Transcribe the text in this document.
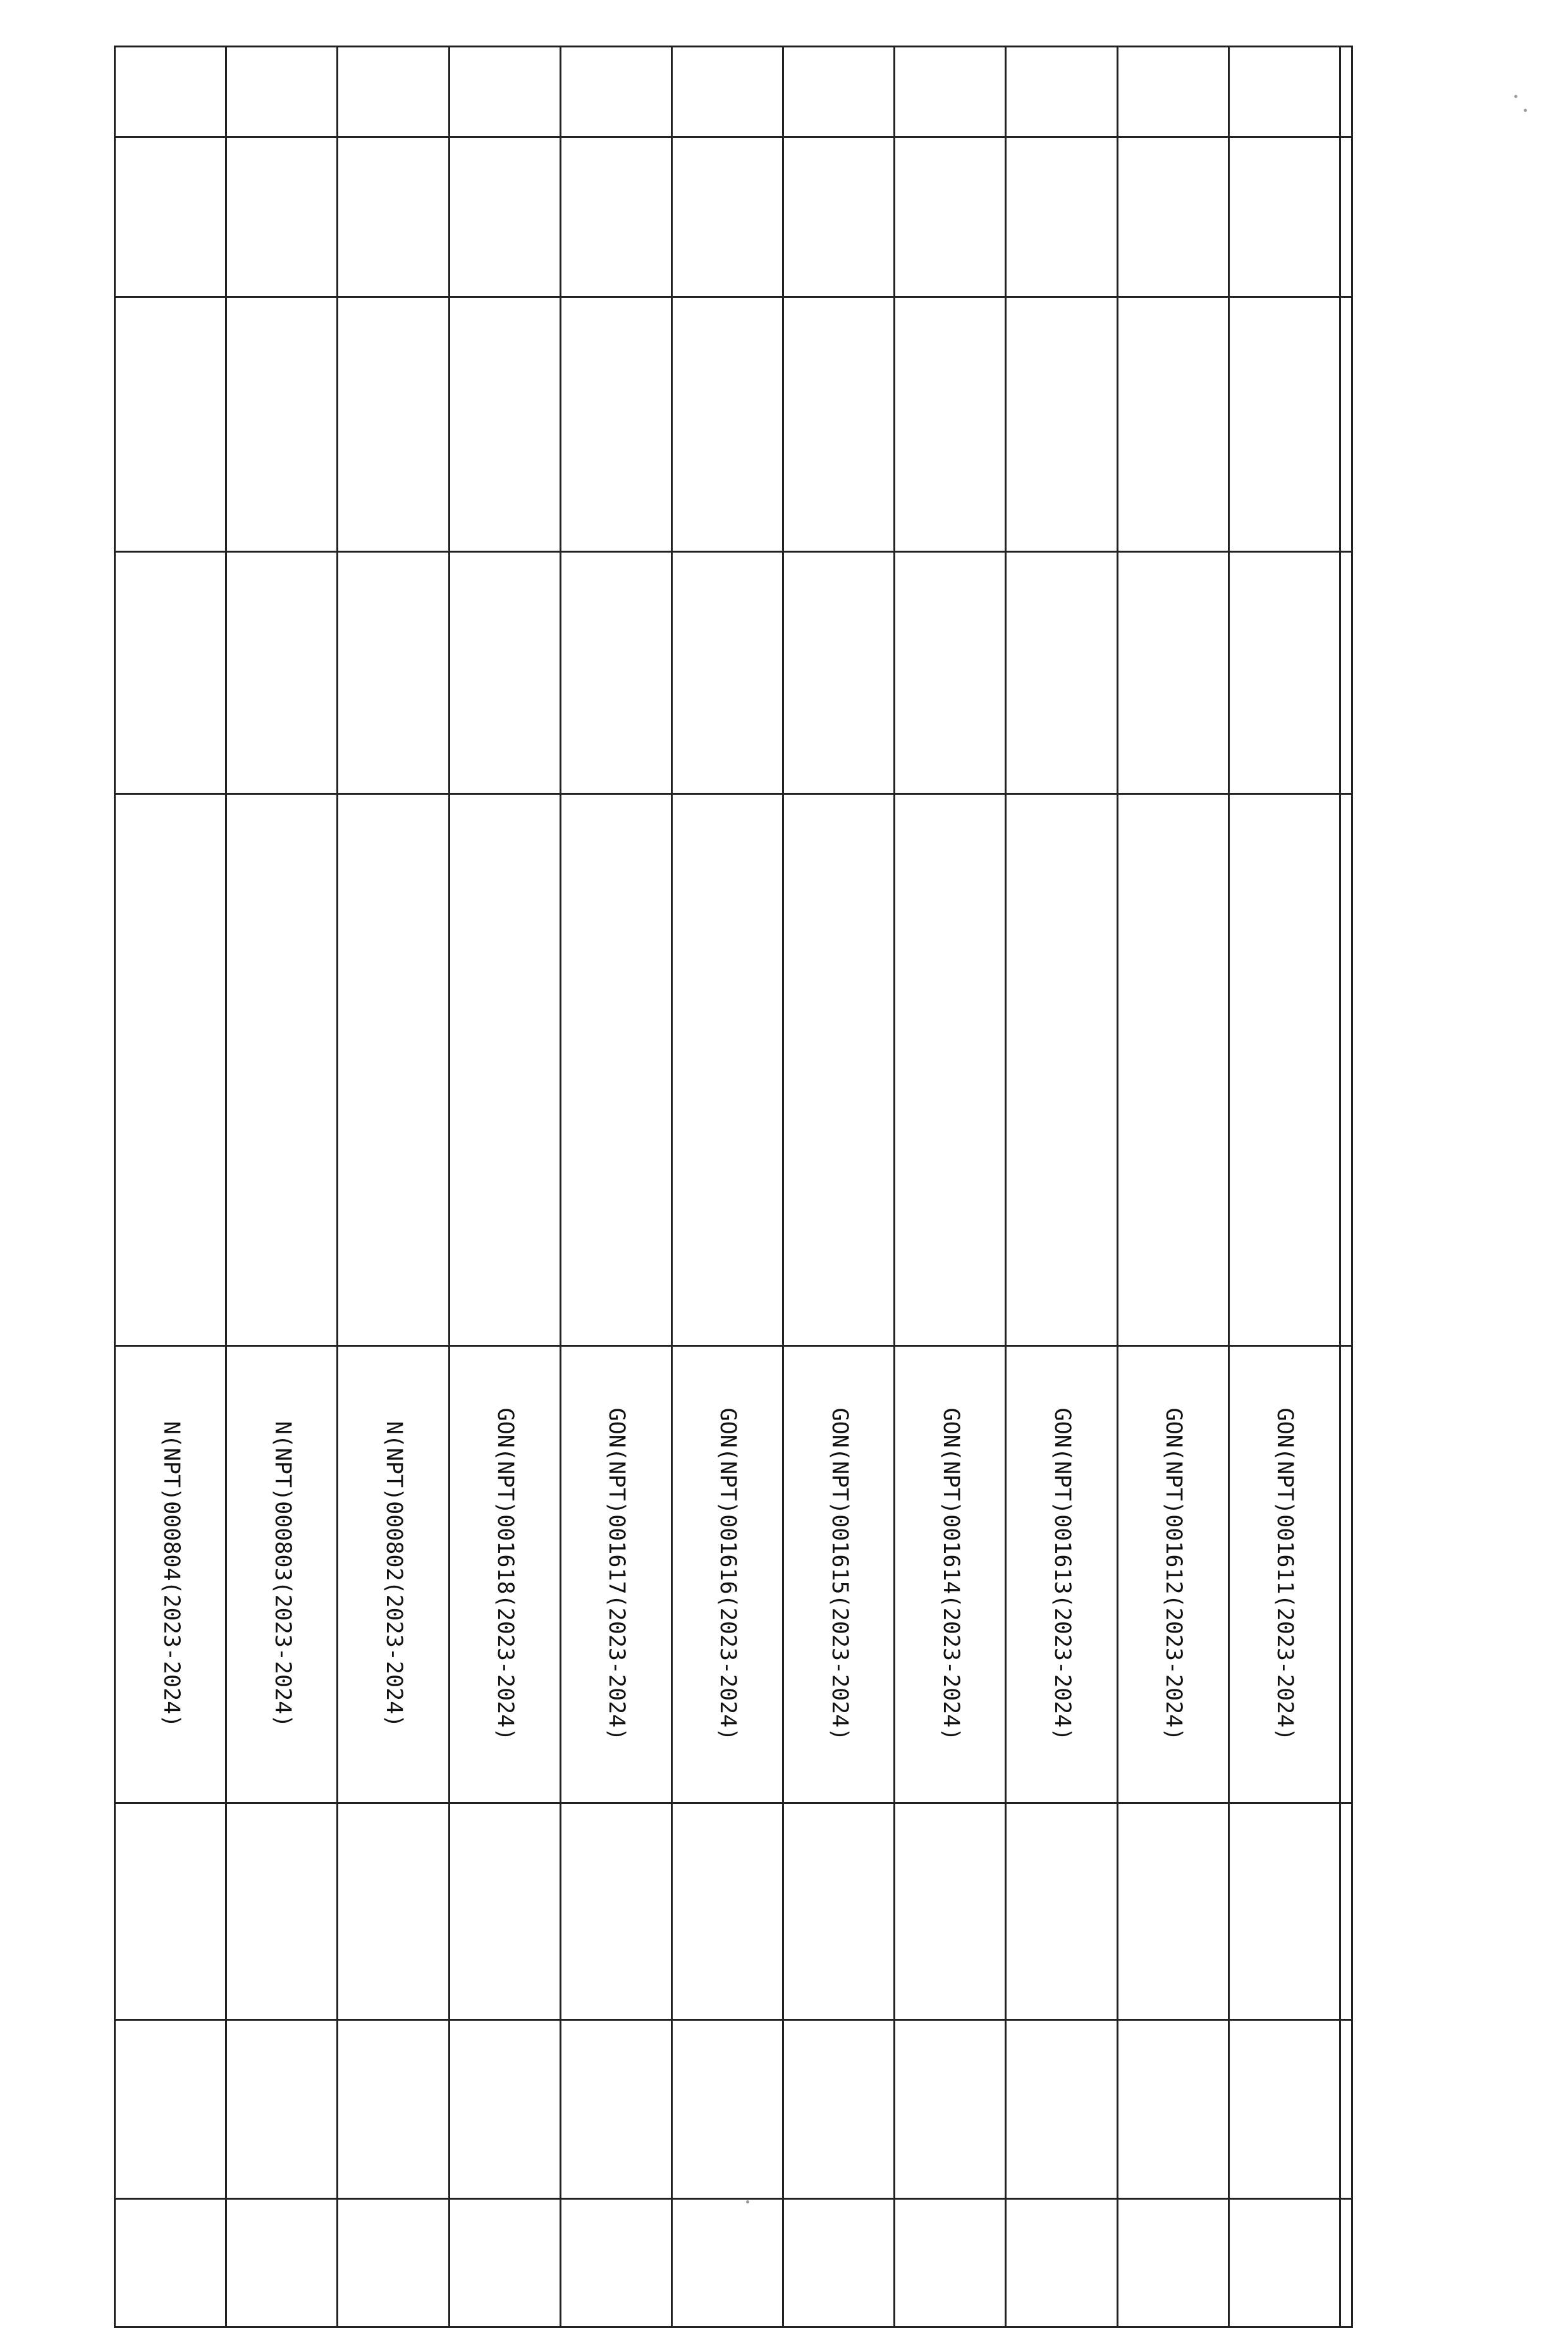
					GON(NPT)001611(2023-2024)			
					GON(NPT)001612(2023-2024)			
					GON(NPT)001613(2023-2024)			
					GON(NPT)001614(2023-2024)			
					GON(NPT)001615(2023-2024)			
					GON(NPT)001616(2023-2024)			
					GON(NPT)001617(2023-2024)			
					GON(NPT)001618(2023-2024)			
					N(NPT)000802(2023-2024)			
					N(NPT)000803(2023-2024)			
					N(NPT)000804(2023-2024)			
